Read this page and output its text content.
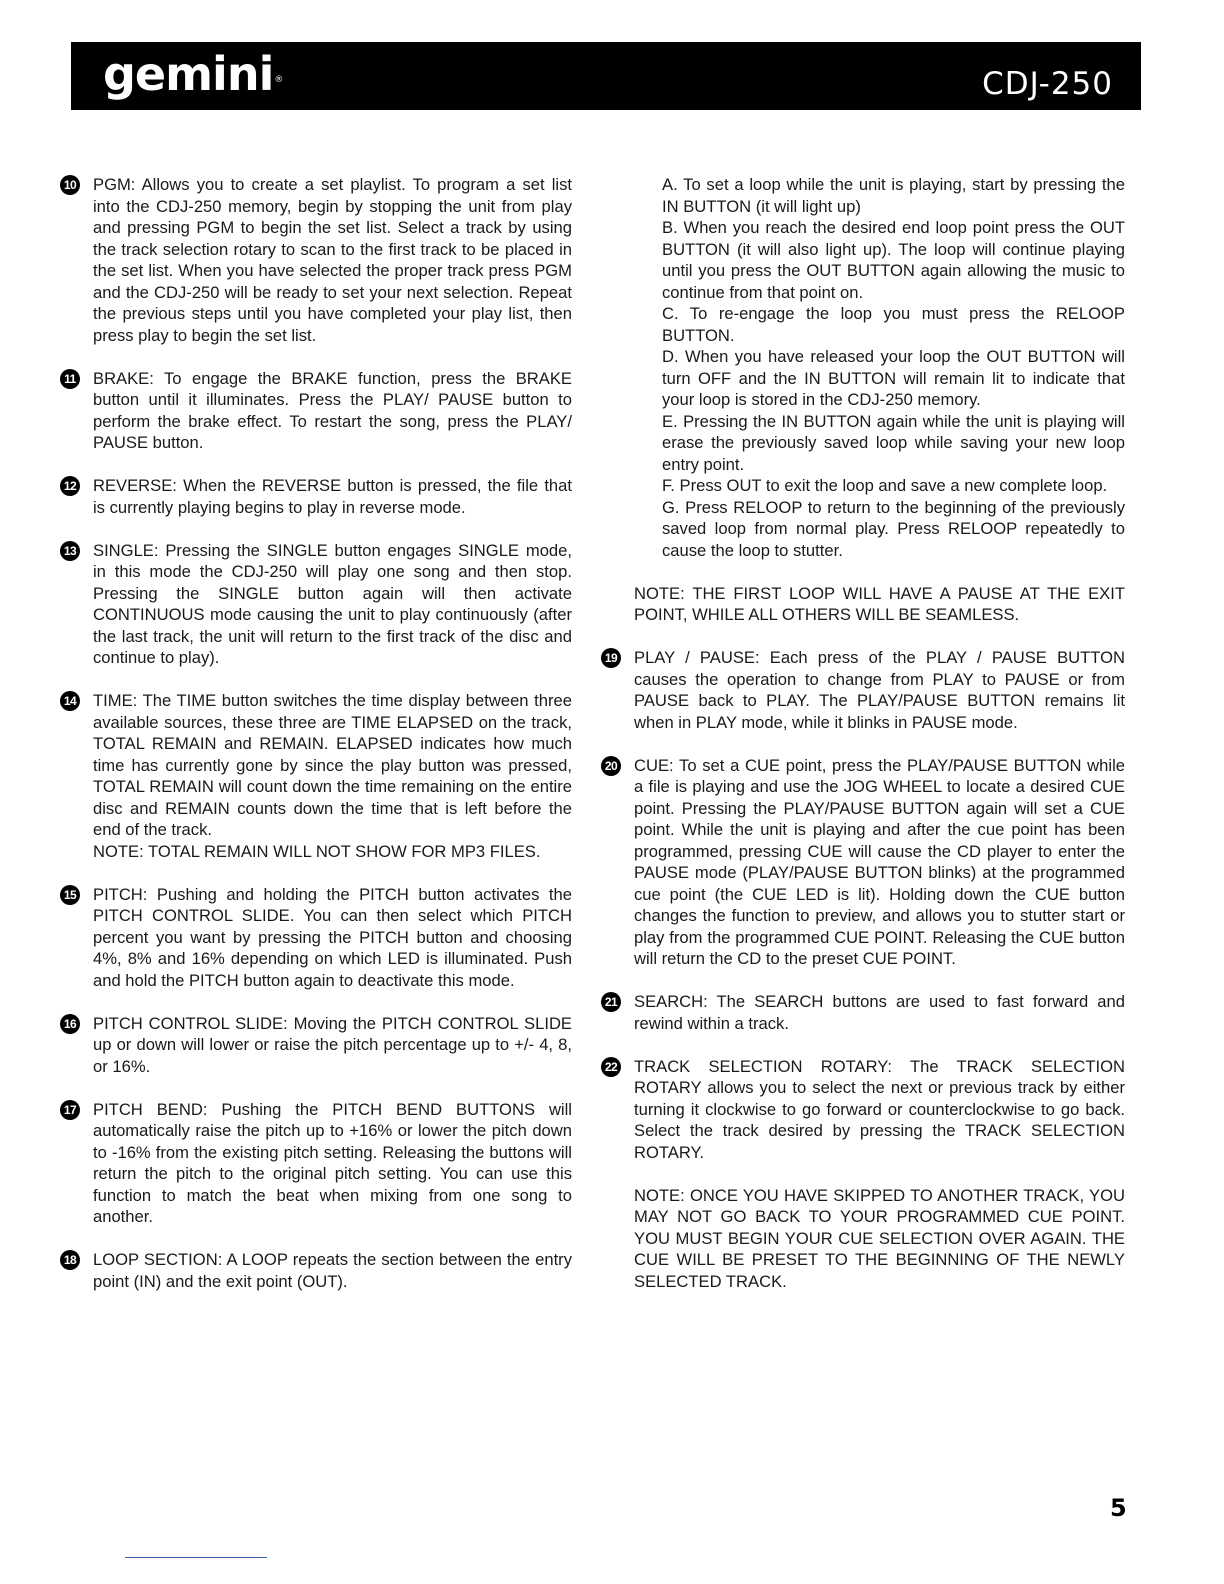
gemini®	CDJ-250
10 PGM: Allows you to create a set playlist. To program a set list into the CDJ-250 memory, begin by stopping the unit from play and pressing PGM to begin the set list. Select a track by using the track selection rotary to scan to the first track to be placed in the set list. When you have selected the proper track press PGM and the CDJ-250 will be ready to set your next selection. Repeat the previous steps until you have completed your play list, then press play to begin the set list.

11 BRAKE: To engage the BRAKE function, press the BRAKE button until it illuminates. Press the PLAY/ PAUSE button to perform the brake effect. To restart the song, press the PLAY/ PAUSE button.

12 REVERSE: When the REVERSE button is pressed, the file that is currently playing begins to play in reverse mode.

13 SINGLE: Pressing the SINGLE button engages SINGLE mode, in this mode the CDJ-250 will play one song and then stop. Pressing the SINGLE button again will then activate CONTINUOUS mode causing the unit to play continuously (after the last track, the unit will return to the first track of the disc and continue to play).

14 TIME: The TIME button switches the time display between three available sources, these three are TIME ELAPSED on the track, TOTAL REMAIN and REMAIN. ELAPSED indicates how much time has currently gone by since the play button was pressed, TOTAL REMAIN will count down the time remaining on the entire disc and REMAIN counts down the time that is left before the end of the track.

NOTE: TOTAL REMAIN WILL NOT SHOW FOR MP3 FILES.

15 PITCH: Pushing and holding the PITCH button activates the PITCH CONTROL SLIDE. You can then select which PITCH percent you want by pressing the PITCH button and choosing 4%, 8% and 16% depending on which LED is illuminated. Push and hold the PITCH button again to deactivate this mode.

16 PITCH CONTROL SLIDE: Moving the PITCH CONTROL SLIDE up or down will lower or raise the pitch percentage up to +/- 4, 8, or 16%.

17 PITCH BEND: Pushing the PITCH BEND BUTTONS will automatically raise the pitch up to +16% or lower the pitch down to -16% from the existing pitch setting. Releasing the buttons will return the pitch to the original pitch setting. You can use this function to match the beat when mixing from one song to another.

18 LOOP SECTION: A LOOP repeats the section between the entry point (IN) and the exit point (OUT).

A. To set a loop while the unit is playing, start by pressing the IN BUTTON (it will light up)

B. When you reach the desired end loop point press the OUT BUTTON (it will also light up). The loop will continue playing until you press the OUT BUTTON again allowing the music to continue from that point on.

C. To re-engage the loop you must press the RELOOP BUTTON.

D. When you have released your loop the OUT BUTTON will turn OFF and the IN BUTTON will remain lit to indicate that your loop is stored in the CDJ-250 memory.

E. Pressing the IN BUTTON again while the unit is playing will erase the previously saved loop while saving your new loop entry point.

F. Press OUT to exit the loop and save a new complete loop.

G. Press RELOOP to return to the beginning of the previously saved loop from normal play. Press RELOOP repeatedly to cause the loop to stutter.

NOTE: THE FIRST LOOP WILL HAVE A PAUSE AT THE EXIT POINT, WHILE ALL OTHERS WILL BE SEAMLESS.

19 PLAY / PAUSE: Each press of the PLAY / PAUSE BUTTON causes the operation to change from PLAY to PAUSE or from PAUSE back to PLAY. The PLAY/PAUSE BUTTON remains lit when in PLAY mode, while it blinks in PAUSE mode.

20 CUE: To set a CUE point, press the PLAY/PAUSE BUTTON while a file is playing and use the JOG WHEEL to locate a desired CUE point. Pressing the PLAY/PAUSE BUTTON again will set a CUE point. While the unit is playing and after the cue point has been programmed, pressing CUE will cause the CD player to enter the PAUSE mode (PLAY/PAUSE BUTTON blinks) at the programmed cue point (the CUE LED is lit). Holding down the CUE button changes the function to preview, and allows you to stutter start or play from the programmed CUE POINT. Releasing the CUE button will return the CD to the preset CUE POINT.

21 SEARCH: The SEARCH buttons are used to fast forward and rewind within a track.

22 TRACK SELECTION ROTARY: The TRACK SELECTION ROTARY allows you to select the next or previous track by either turning it clockwise to go forward or counterclockwise to go back. Select the track desired by pressing the TRACK SELECTION ROTARY.

NOTE: ONCE YOU HAVE SKIPPED TO ANOTHER TRACK, YOU MAY NOT GO BACK TO YOUR PROGRAMMED CUE POINT. YOU MUST BEGIN YOUR CUE SELECTION OVER AGAIN. THE CUE WILL BE PRESET TO THE BEGINNING OF THE NEWLY SELECTED TRACK.

5
